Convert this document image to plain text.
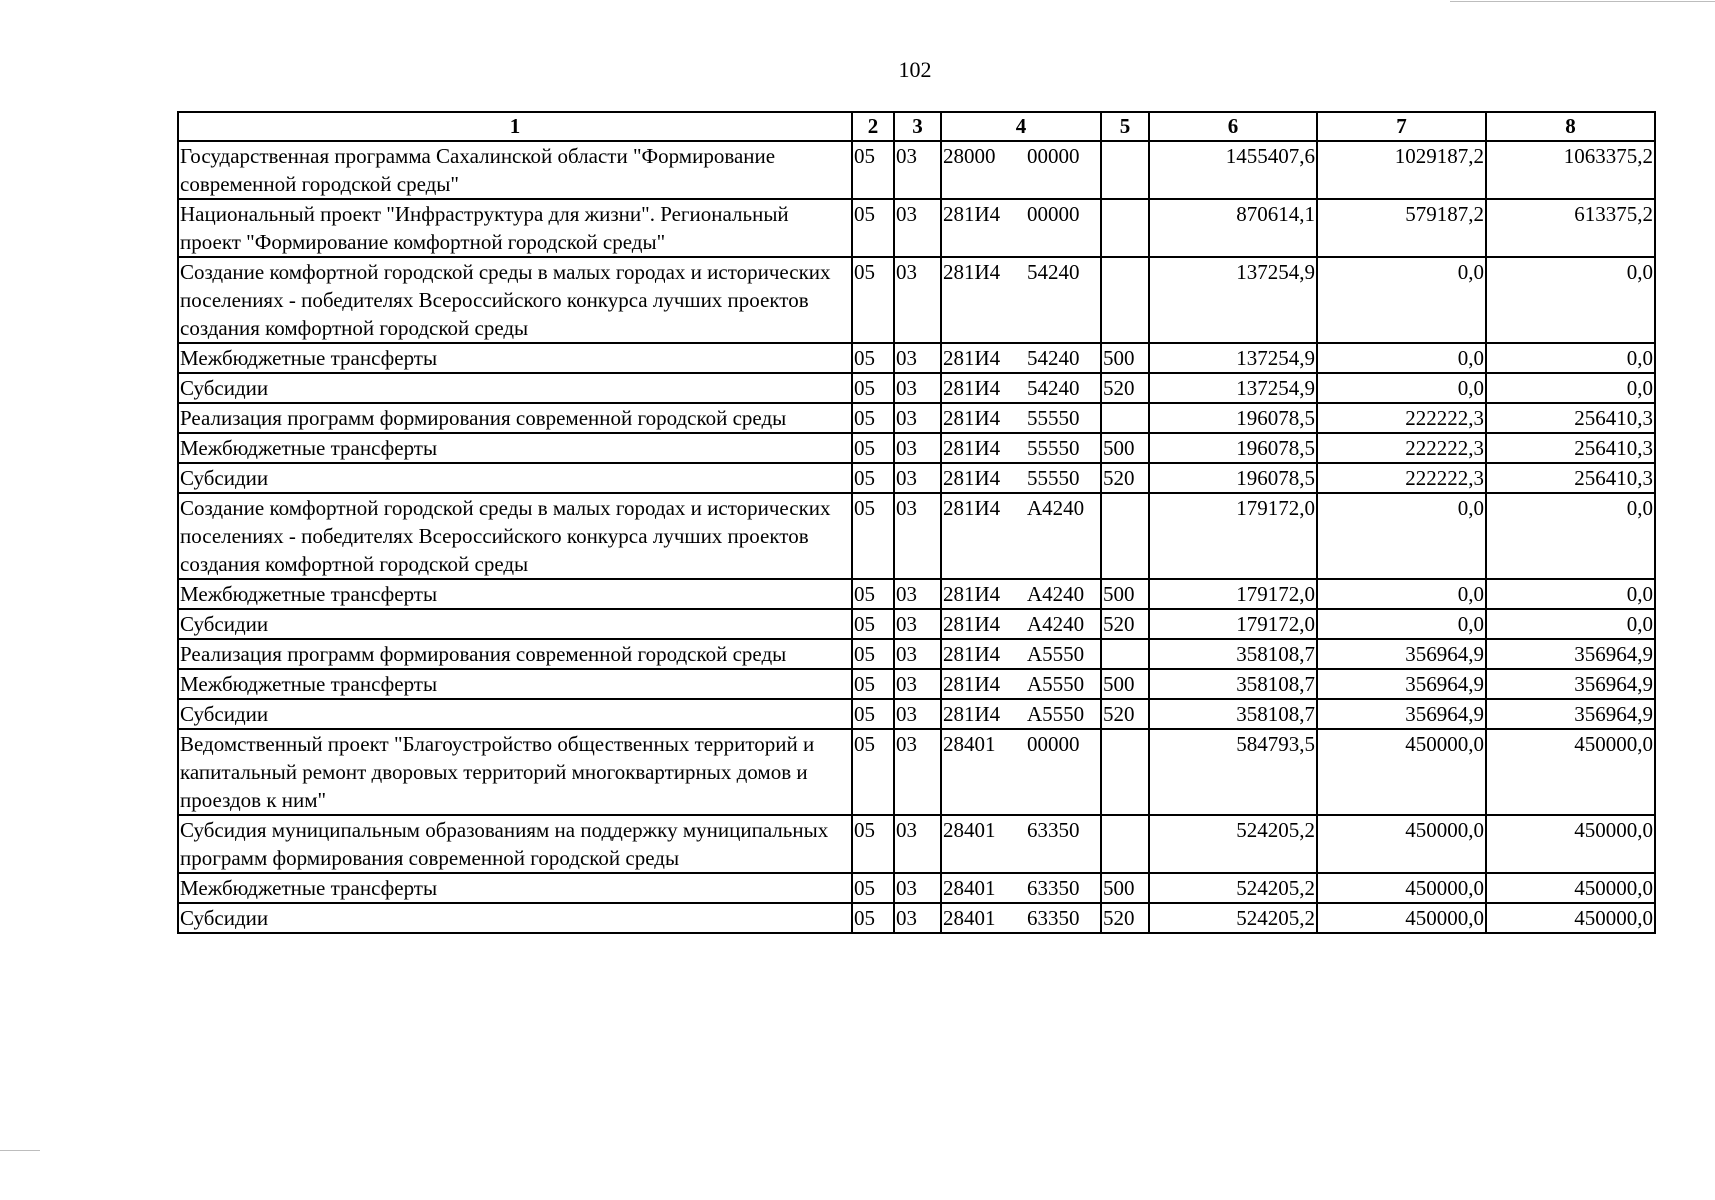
102
1	2	3	4	5	6	7	8
Государственная программа Сахалинской области "Формирование современной городской среды"	05	03	28000 00000		1455407,6	1029187,2	1063375,2
Национальный проект "Инфраструктура для жизни". Региональный проект "Формирование комфортной городской среды"	05	03	281И4 00000		870614,1	579187,2	613375,2
Создание комфортной городской среды в малых городах и исторических поселениях - победителях Всероссийского конкурса лучших проектов создания комфортной городской среды	05	03	281И4 54240		137254,9	0,0	0,0
Межбюджетные трансферты	05	03	281И4 54240	500	137254,9	0,0	0,0
Субсидии	05	03	281И4 54240	520	137254,9	0,0	0,0
Реализация программ формирования современной городской среды	05	03	281И4 55550		196078,5	222222,3	256410,3
Межбюджетные трансферты	05	03	281И4 55550	500	196078,5	222222,3	256410,3
Субсидии	05	03	281И4 55550	520	196078,5	222222,3	256410,3
Создание комфортной городской среды в малых городах и исторических поселениях - победителях Всероссийского конкурса лучших проектов создания комфортной городской среды	05	03	281И4 А4240		179172,0	0,0	0,0
Межбюджетные трансферты	05	03	281И4 А4240	500	179172,0	0,0	0,0
Субсидии	05	03	281И4 А4240	520	179172,0	0,0	0,0
Реализация программ формирования современной городской среды	05	03	281И4 А5550		358108,7	356964,9	356964,9
Межбюджетные трансферты	05	03	281И4 А5550	500	358108,7	356964,9	356964,9
Субсидии	05	03	281И4 А5550	520	358108,7	356964,9	356964,9
Ведомственный проект "Благоустройство общественных территорий и капитальный ремонт дворовых территорий многоквартирных домов и проездов к ним"	05	03	28401 00000		584793,5	450000,0	450000,0
Субсидия муниципальным образованиям на поддержку муниципальных программ формирования современной городской среды	05	03	28401 63350		524205,2	450000,0	450000,0
Межбюджетные трансферты	05	03	28401 63350	500	524205,2	450000,0	450000,0
Субсидии	05	03	28401 63350	520	524205,2	450000,0	450000,0
